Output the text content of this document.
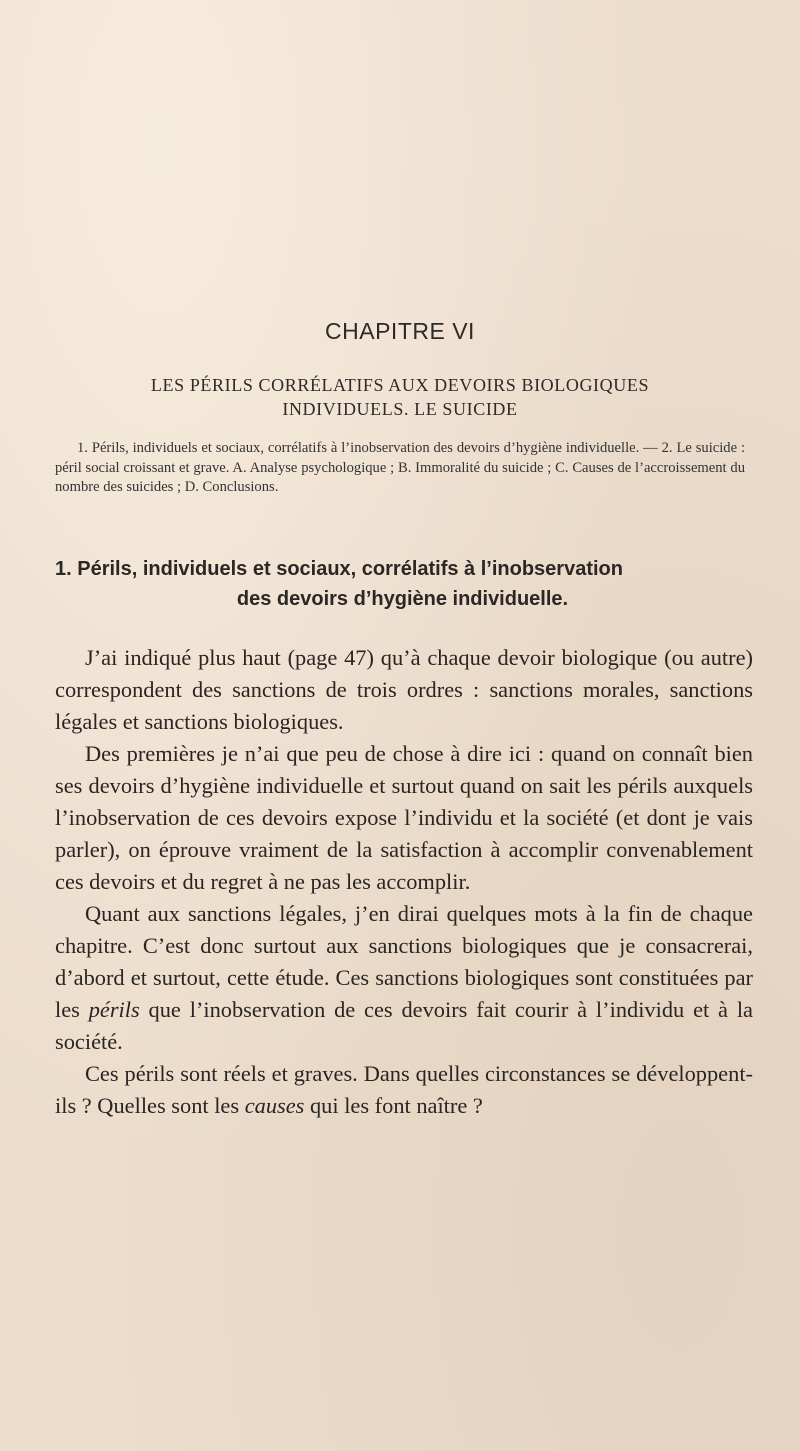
CHAPITRE VI
LES PÉRILS CORRÉLATIFS AUX DEVOIRS BIOLOGIQUES
INDIVIDUELS. LE SUICIDE
1. Périls, individuels et sociaux, corrélatifs à l’inobservation des devoirs d’hygiène individuelle. — 2. Le suicide : péril social croissant et grave. A. Analyse psychologique ; B. Immoralité du suicide ; C. Causes de l’accroissement du nombre des suicides ; D. Conclusions.
1. Périls, individuels et sociaux, corrélatifs à l’inobservation
des devoirs d’hygiène individuelle.

J’ai indiqué plus haut (page 47) qu’à chaque devoir biologique (ou autre) correspondent des sanctions de trois ordres : sanctions morales, sanctions légales et sanctions biologiques.

Des premières je n’ai que peu de chose à dire ici : quand on connaît bien ses devoirs d’hygiène individuelle et surtout quand on sait les périls auxquels l’inobservation de ces devoirs expose l’individu et la société (et dont je vais parler), on éprouve vraiment de la satisfaction à accomplir convenablement ces devoirs et du regret à ne pas les accomplir.

Quant aux sanctions légales, j’en dirai quelques mots à la fin de chaque chapitre. C’est donc surtout aux sanctions biologiques que je consacrerai, d’abord et surtout, cette étude. Ces sanctions biologiques sont constituées par les périls que l’inobservation de ces devoirs fait courir à l’individu et à la société.

Ces périls sont réels et graves. Dans quelles circonstances se développent-ils ? Quelles sont les causes qui les font naître ?
